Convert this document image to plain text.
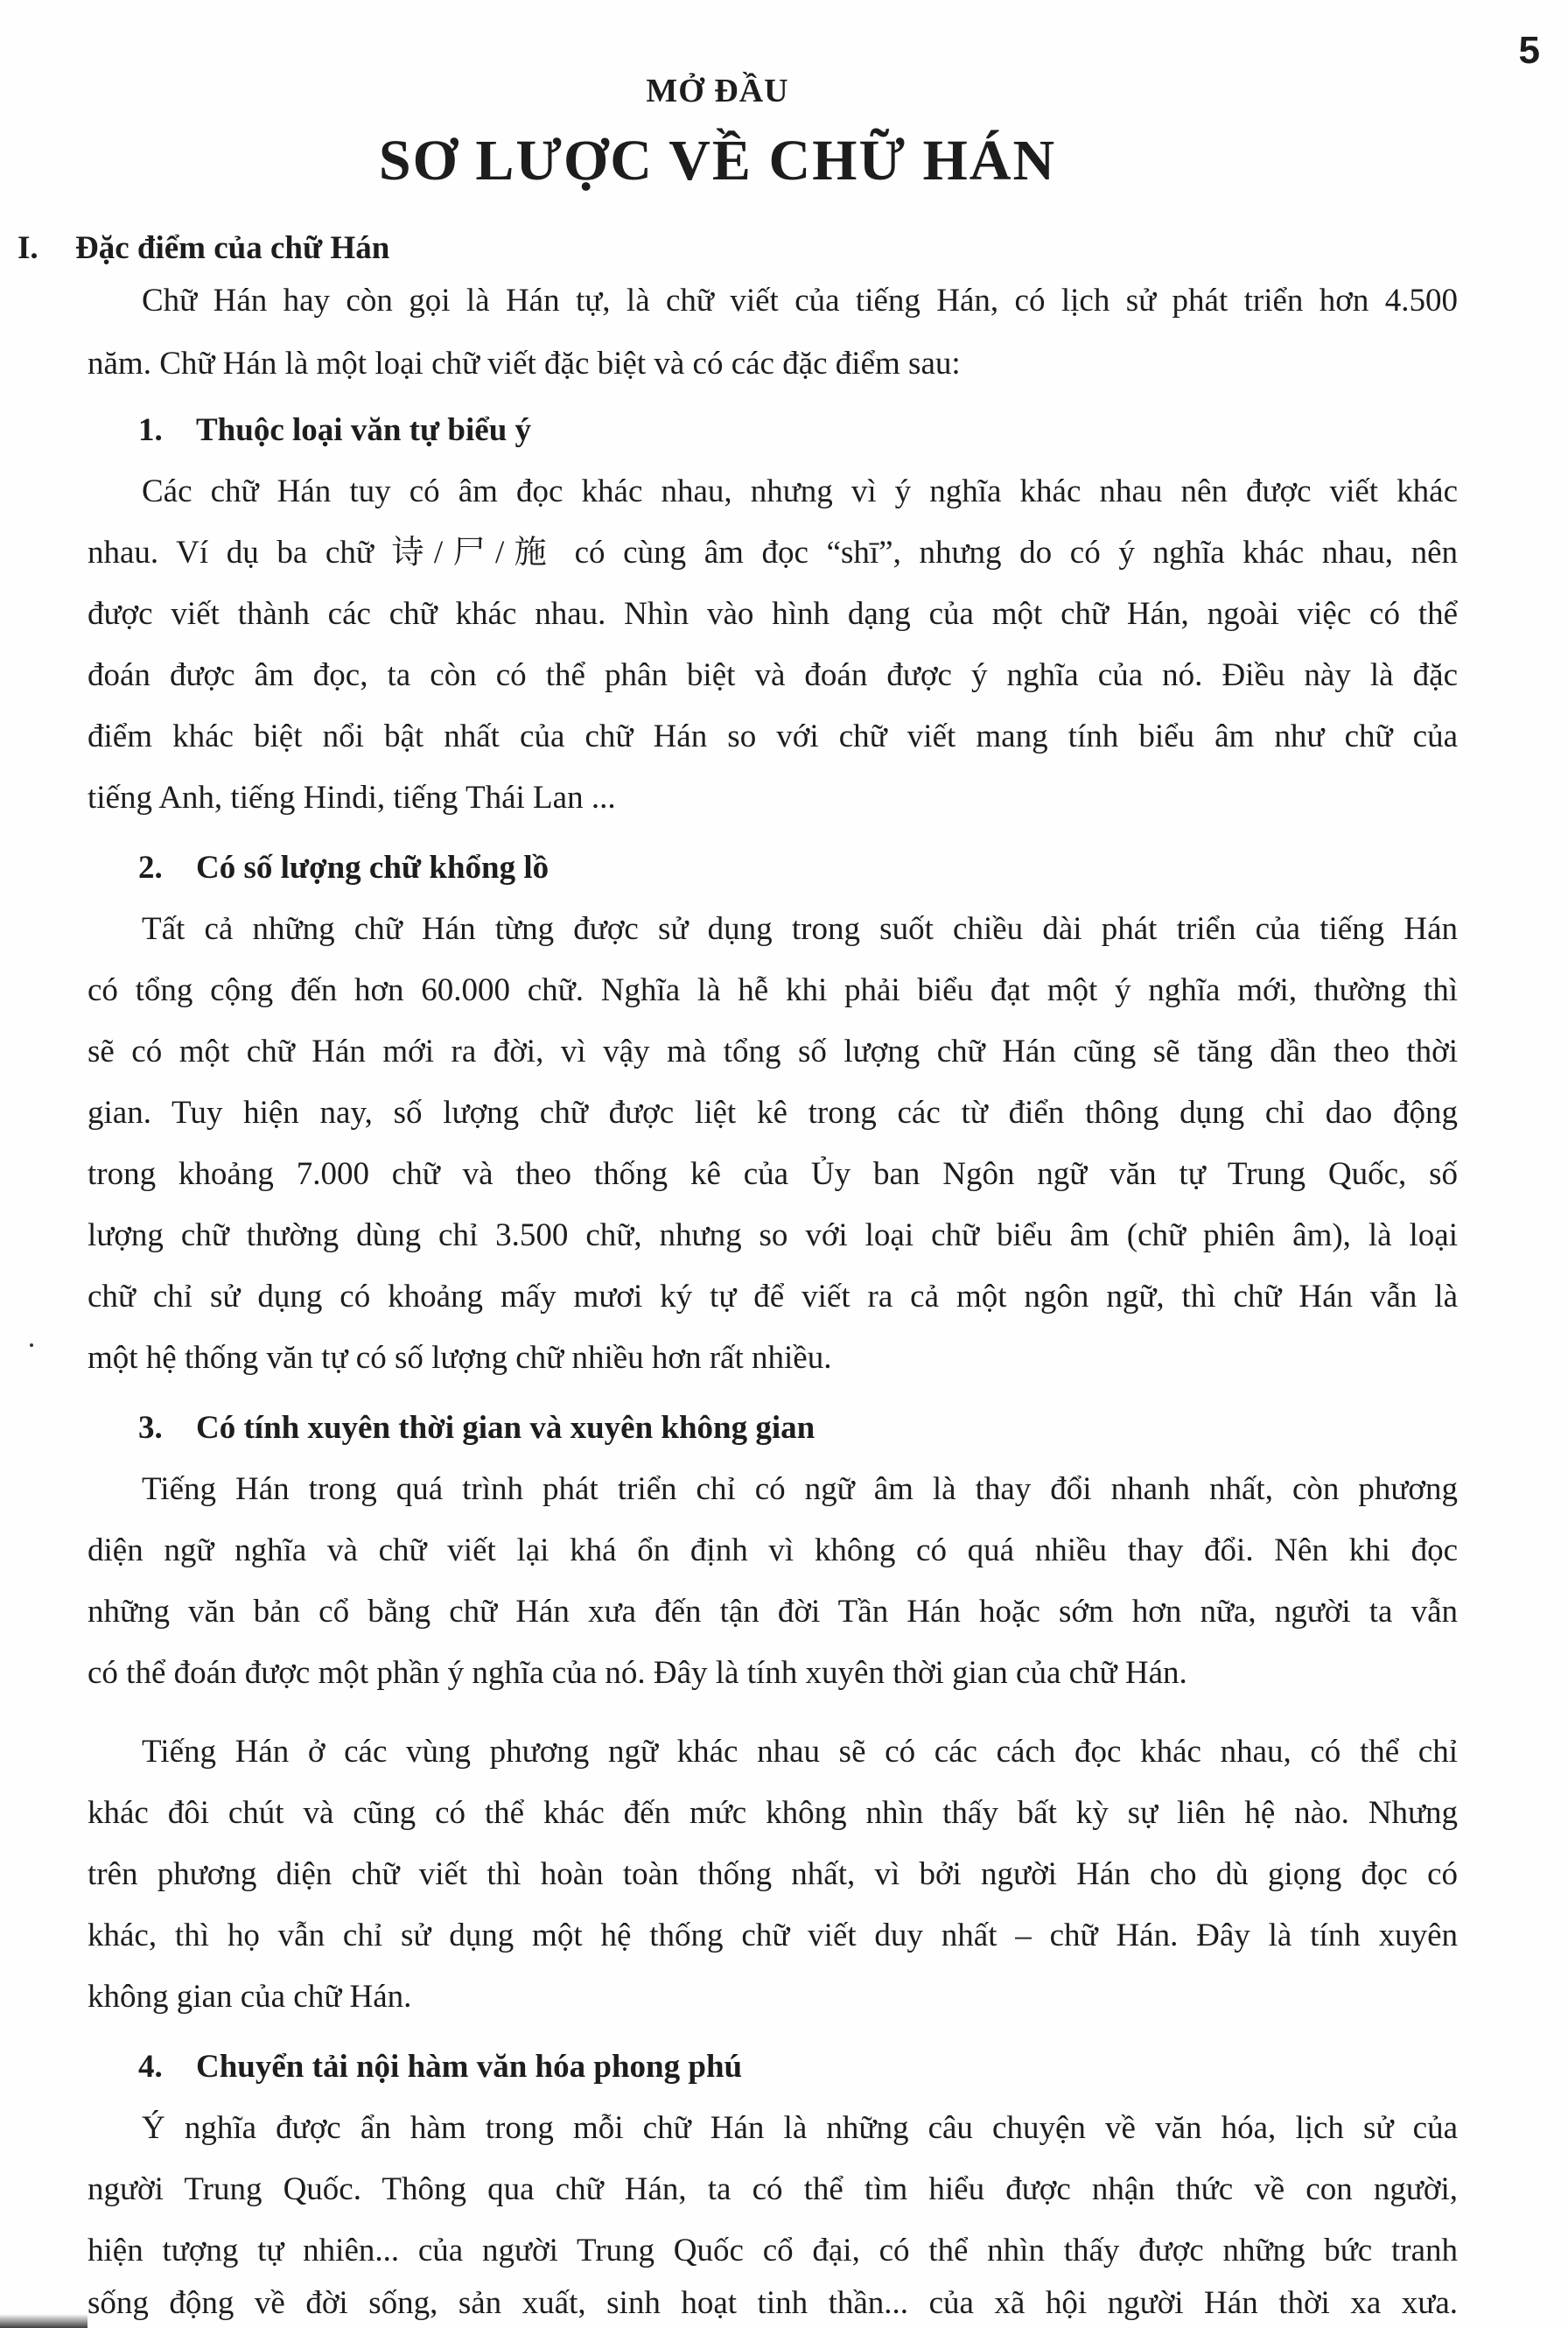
5
MỞ ĐẦU
SƠ LƯỢC VỀ CHỮ HÁN
I. Đặc điểm của chữ Hán

Chữ Hán hay còn gọi là Hán tự, là chữ viết của tiếng Hán, có lịch sử phát triển hơn 4.500

năm. Chữ Hán là một loại chữ viết đặc biệt và có các đặc điểm sau:

1. Thuộc loại văn tự biểu ý

Các chữ Hán tuy có âm đọc khác nhau, nhưng vì ý nghĩa khác nhau nên được viết khác

nhau. Ví dụ ba chữ 诗/尸/施 có cùng âm đọc “shī”, nhưng do có ý nghĩa khác nhau, nên

được viết thành các chữ khác nhau. Nhìn vào hình dạng của một chữ Hán, ngoài việc có thể

đoán được âm đọc, ta còn có thể phân biệt và đoán được ý nghĩa của nó. Điều này là đặc

điểm khác biệt nổi bật nhất của chữ Hán so với chữ viết mang tính biểu âm như chữ của

tiếng Anh, tiếng Hindi, tiếng Thái Lan ...

2. Có số lượng chữ khổng lồ

Tất cả những chữ Hán từng được sử dụng trong suốt chiều dài phát triển của tiếng Hán

có tổng cộng đến hơn 60.000 chữ. Nghĩa là hễ khi phải biểu đạt một ý nghĩa mới, thường thì

sẽ có một chữ Hán mới ra đời, vì vậy mà tổng số lượng chữ Hán cũng sẽ tăng dần theo thời

gian. Tuy hiện nay, số lượng chữ được liệt kê trong các từ điển thông dụng chỉ dao động

trong khoảng 7.000 chữ và theo thống kê của Ủy ban Ngôn ngữ văn tự Trung Quốc, số

lượng chữ thường dùng chỉ 3.500 chữ, nhưng so với loại chữ biểu âm (chữ phiên âm), là loại

chữ chỉ sử dụng có khoảng mấy mươi ký tự để viết ra cả một ngôn ngữ, thì chữ Hán vẫn là

một hệ thống văn tự có số lượng chữ nhiều hơn rất nhiều.

3. Có tính xuyên thời gian và xuyên không gian

Tiếng Hán trong quá trình phát triển chỉ có ngữ âm là thay đổi nhanh nhất, còn phương

diện ngữ nghĩa và chữ viết lại khá ổn định vì không có quá nhiều thay đổi. Nên khi đọc

những văn bản cổ bằng chữ Hán xưa đến tận đời Tần Hán hoặc sớm hơn nữa, người ta vẫn

có thể đoán được một phần ý nghĩa của nó. Đây là tính xuyên thời gian của chữ Hán.

Tiếng Hán ở các vùng phương ngữ khác nhau sẽ có các cách đọc khác nhau, có thể chỉ

khác đôi chút và cũng có thể khác đến mức không nhìn thấy bất kỳ sự liên hệ nào. Nhưng

trên phương diện chữ viết thì hoàn toàn thống nhất, vì bởi người Hán cho dù giọng đọc có

khác, thì họ vẫn chỉ sử dụng một hệ thống chữ viết duy nhất – chữ Hán. Đây là tính xuyên

không gian của chữ Hán.

4. Chuyển tải nội hàm văn hóa phong phú

Ý nghĩa được ẩn hàm trong mỗi chữ Hán là những câu chuyện về văn hóa, lịch sử của

người Trung Quốc. Thông qua chữ Hán, ta có thể tìm hiểu được nhận thức về con người,

hiện tượng tự nhiên... của người Trung Quốc cổ đại, có thể nhìn thấy được những bức tranh

sống động về đời sống, sản xuất, sinh hoạt tinh thần... của xã hội người Hán thời xa xưa.
